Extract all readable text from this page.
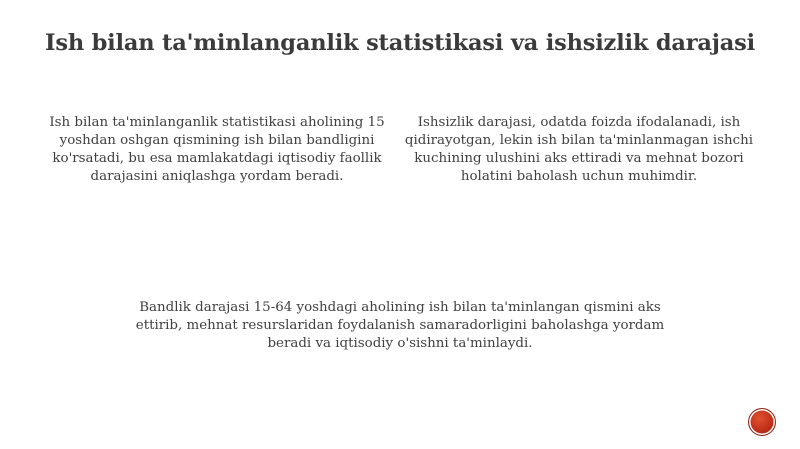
Ish bilan ta'minlanganlik statistikasi va ishsizlik darajasi

Ish bilan ta'minlanganlik statistikasi aholining 15 yoshdan oshgan qismining ish bilan bandligini ko'rsatadi, bu esa mamlakatdagi iqtisodiy faollik darajasini aniqlashga yordam beradi.

Ishsizlik darajasi, odatda foizda ifodalanadi, ish qidirayotgan, lekin ish bilan ta'minlanmagan ishchi kuchining ulushini aks ettiradi va mehnat bozori holatini baholash uchun muhimdir.

Bandlik darajasi 15-64 yoshdagi aholining ish bilan ta'minlangan qismini aks ettirib, mehnat resurslaridan foydalanish samaradorligini baholashga yordam beradi va iqtisodiy o'sishni ta'minlaydi.
